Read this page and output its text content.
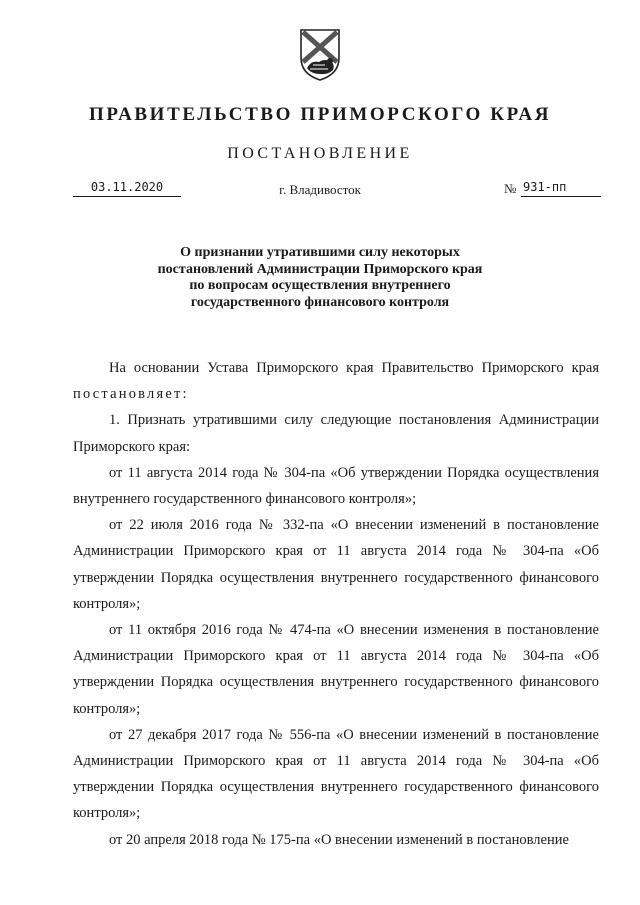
ПРАВИТЕЛЬСТВО ПРИМОРСКОГО КРАЯ
ПОСТАНОВЛЕНИЕ
03.11.2020	г. Владивосток	№ 931-пп
О признании утратившими силу некоторых
постановлений Администрации Приморского края
по вопросам осуществления внутреннего
государственного финансового контроля

На основании Устава Приморского края Правительство Приморского края постановляет:

1. Признать утратившими силу следующие постановления Администрации Приморского края:

от 11 августа 2014 года № 304-па «Об утверждении Порядка осуществления внутреннего государственного финансового контроля»;

от 22 июля 2016 года № 332-па «О внесении изменений в постановление Администрации Приморского края от 11 августа 2014 года № 304-па «Об утверждении Порядка осуществления внутреннего государственного финансового контроля»;

от 11 октября 2016 года № 474-па «О внесении изменения в постановление Администрации Приморского края от 11 августа 2014 года № 304-па «Об утверждении Порядка осуществления внутреннего государственного финансового контроля»;

от 27 декабря 2017 года № 556-па «О внесении изменений в постановление Администрации Приморского края от 11 августа 2014 года № 304-па «Об утверждении Порядка осуществления внутреннего государственного финансового контроля»;

от 20 апреля 2018 года № 175-па «О внесении изменений в постановление
